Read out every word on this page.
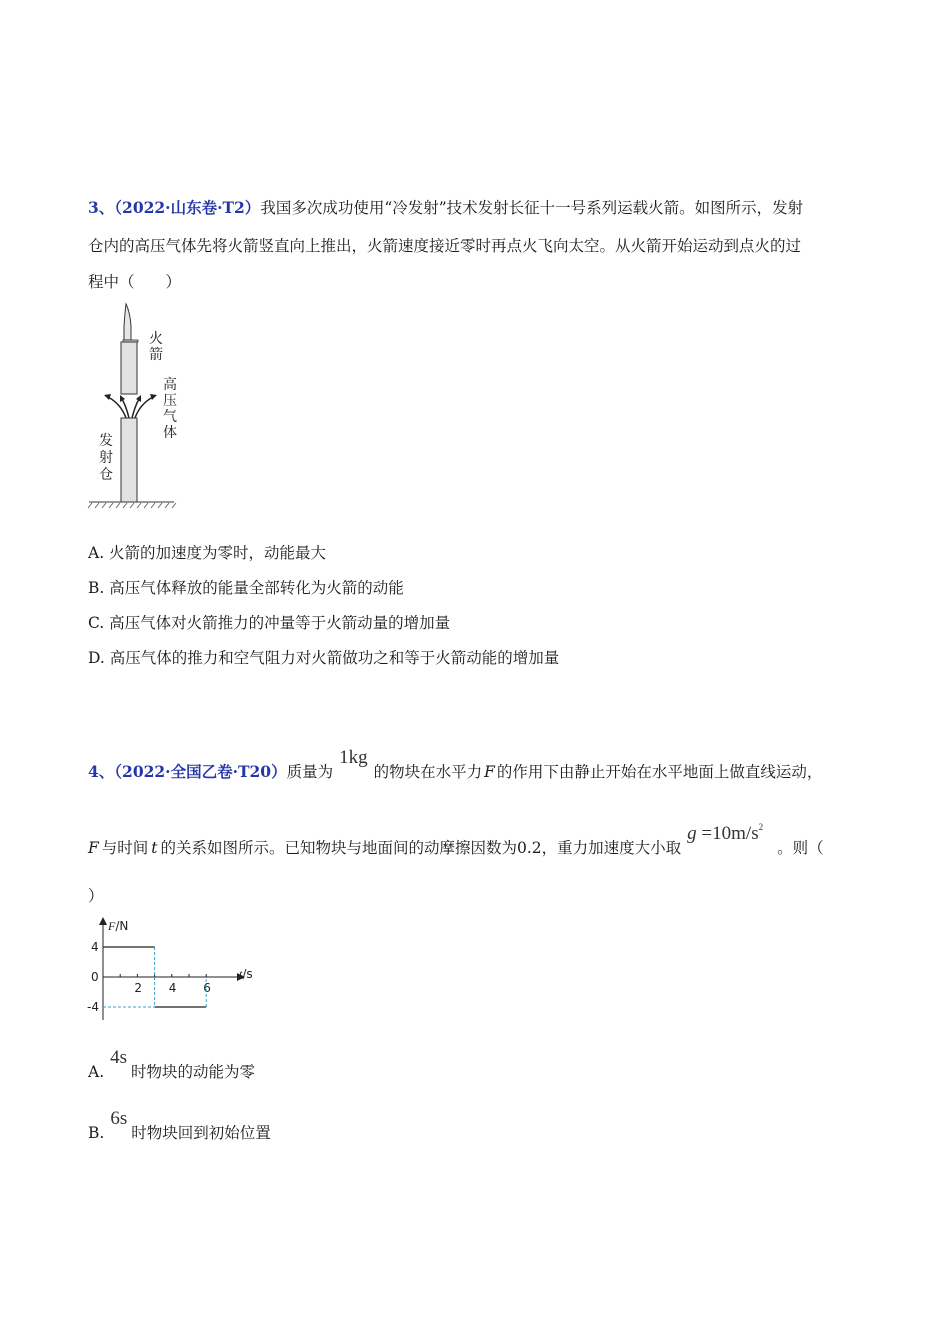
3、（2022·山东卷·T2）我国多次成功使用“冷发射”技术发射长征十一号系列运载火箭。如图所示，发射
仓内的高压气体先将火箭竖直向上推出，火箭速度接近零时再点火飞向太空。从火箭开始运动到点火的过
程中（　　）
火
箭
高
压
气
体
发
射
仓
A. 火箭的加速度为零时，动能最大
B. 高压气体释放的能量全部转化为火箭的动能
C. 高压气体对火箭推力的冲量等于火箭动量的增加量
D. 高压气体的推力和空气阻力对火箭做功之和等于火箭动能的增加量
4、（2022·全国乙卷·T20）质量为1kg的物块在水平力 F 的作用下由静止开始在水平地面上做直线运动，
F 与时间 t 的关系如图所示。已知物块与地面间的动摩擦因数为0.2，重力加速度大小取$g =10m/s^2$。则（
）
F/N
t/s
2 4 6
4
0
-4
A.4s时物块的动能为零
B.6s时物块回到初始位置
